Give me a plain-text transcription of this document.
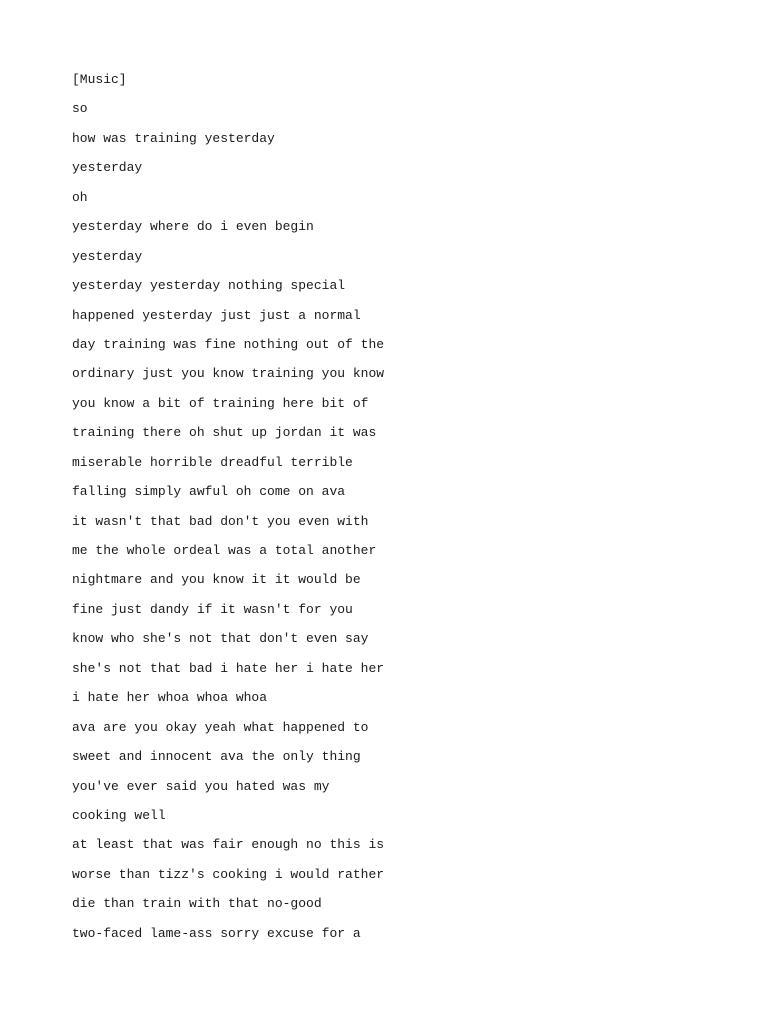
[Music]
so
how was training yesterday
yesterday
oh
yesterday where do i even begin
yesterday
yesterday yesterday nothing special
happened yesterday just just a normal
day training was fine nothing out of the
ordinary just you know training you know
you know a bit of training here bit of
training there oh shut up jordan it was
miserable horrible dreadful terrible
falling simply awful oh come on ava
it wasn't that bad don't you even with
me the whole ordeal was a total another
nightmare and you know it it would be
fine just dandy if it wasn't for you
know who she's not that don't even say
she's not that bad i hate her i hate her
i hate her whoa whoa whoa
ava are you okay yeah what happened to
sweet and innocent ava the only thing
you've ever said you hated was my
cooking well
at least that was fair enough no this is
worse than tizz's cooking i would rather
die than train with that no-good
two-faced lame-ass sorry excuse for a
